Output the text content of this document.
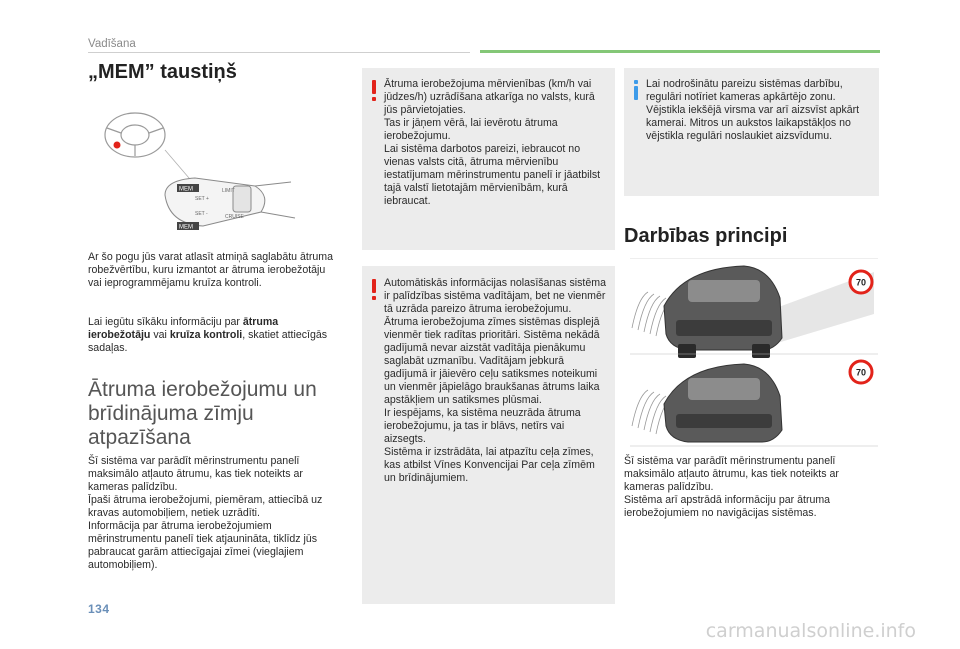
Vadīšana
„MEM” taustiņš
MEM
MEM
SET +
SET -
LIMIT
CRUISE
Ar šo pogu jūs varat atlasīt atmiņā saglabātu ātruma robežvērtību, kuru izmantot ar ātruma ierobežotāju vai ieprogrammējamu kruīza kontroli.
Lai iegūtu sīkāku informāciju par ātruma ierobežotāju vai kruīza kontroli, skatiet attiecīgās sadaļas.
Ātruma ierobežojumu un brīdinājuma zīmju atpazīšana
Šī sistēma var parādīt mērinstrumentu panelī maksimālo atļauto ātrumu, kas tiek noteikts ar kameras palīdzību.
Īpaši ātruma ierobežojumi, piemēram, attiecībā uz kravas automobiļiem, netiek uzrādīti.
Informācija par ātruma ierobežojumiem mērinstrumentu panelī tiek atjaunināta, tiklīdz jūs pabraucat garām attiecīgajai zīmei (vieglajiem automobiļiem).
Ātruma ierobežojuma mērvienības (km/h vai jūdzes/h) uzrādīšana atkarīga no valsts, kurā jūs pārvietojaties.
Tas ir jāņem vērā, lai ievērotu ātruma ierobežojumu.
Lai sistēma darbotos pareizi, iebraucot no vienas valsts citā, ātruma mērvienību iestatījumam mērinstrumentu panelī ir jāatbilst tajā valstī lietotajām mērvienībām, kurā iebraucat.
Automātiskās informācijas nolasīšanas sistēma ir palīdzības sistēma vadītājam, bet ne vienmēr tā uzrāda pareizo ātruma ierobežojumu.
Ātruma ierobežojuma zīmes sistēmas displejā vienmēr tiek radītas prioritāri. Sistēma nekādā gadījumā nevar aizstāt vadītāja pienākumu saglabāt uzmanību. Vadītājam jebkurā gadījumā ir jāievēro ceļu satiksmes noteikumi un vienmēr jāpielāgo braukšanas ātrums laika apstākļiem un satiksmes plūsmai.
Ir iespējams, ka sistēma neuzrāda ātruma ierobežojumu, ja tas ir blāvs, netīrs vai aizsegts.
Sistēma ir izstrādāta, lai atpazītu ceļa zīmes, kas atbilst Vīnes Konvencijai Par ceļa zīmēm un brīdinājumiem.
Lai nodrošinātu pareizu sistēmas darbību, regulāri notīriet kameras apkārtējo zonu. Vējstikla iekšējā virsma var arī aizsvīst apkārt kamerai. Mitros un aukstos laikapstākļos no vējstikla regulāri noslaukiet aizsvīdumu.
Darbības principi
70
70
Šī sistēma var parādīt mērinstrumentu panelī maksimālo atļauto ātrumu, kas tiek noteikts ar kameras palīdzību.
Sistēma arī apstrādā informāciju par ātruma ierobežojumiem no navigācijas sistēmas.
134
carmanualsonline.info
